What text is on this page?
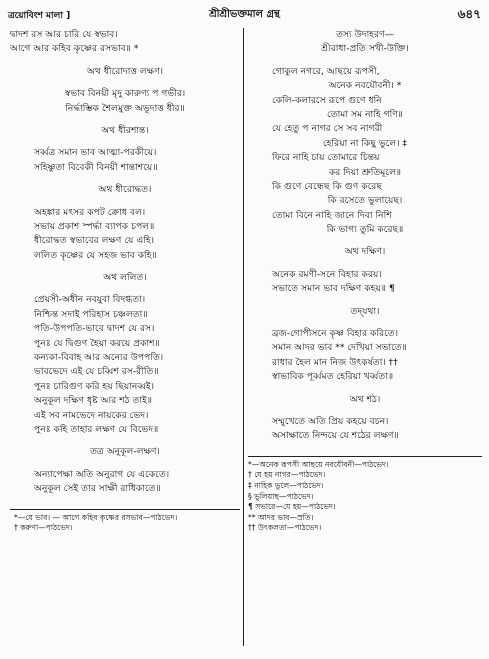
ত্রয়োবিংশ মালা ]	শ্রীশ্রীভক্তমাল গ্রন্থ	৬৪৭
দ্বাদশ রস আর চারি যে স্বভাব।
আগে আর কহিব কৃষ্ণের রসভাব॥ *
অথ ধীরোদাত্ত লক্ষণ।
স্বভাব বিনয়ী মৃদু কারুণ্য প গভীর।
নিৰ্দ্ধাম্ভিক শৈলমুক্ত অভূদাত্ত ধীর॥
অথ ধীরশান্ত।
সৰ্ব্বত্র সমান ভাব আত্মা-পরকীয়ে।
সহিষ্ণুতা বিবেকী বিনয়ী শান্তাশয়ে॥
অথ ধীরোদ্ধত।
অহঙ্কার মৎসর কপট ক্রোধ বল।
সভায় প্রকাশ স্পৰ্দ্ধা ব্যাপক চপল॥
ধীরোদ্ধত স্বভাবের লক্ষণ যে এহি।
ললিত কৃষ্ণের যে সহজ ভাব কহি॥
অথ ললিত।
প্রেয়সী-অধীন নবযুবা বিদগ্ধতা।
নিশ্চিন্ত সদাই পরিহাস চঞ্চলতা॥
পতি-উপপতি-ভাবে দ্বাদশ যে রস।
পুনঃ যে দ্বিগুণ হৈয়া করয়ে প্রকাশ॥
কন্যকা-বিবাহ আর অন্যের উপপতি।
ভাবভেদে এই যে চব্বিশ রস-রীতি॥
পুনঃ চারিগুণ করি হয় ছিয়ানব্বই।
অনুকূল দক্ষিণ ধৃষ্ট আর শঠ তাই॥
এই সব নামভেদে নায়কের ভেদ।
পুনঃ কহি তাহার লক্ষণ যে বিভেদ॥
তত্র অনুকূল-লক্ষণ।
অন্যাপেক্ষা অতি অনুরাগ যে একেতে।
অনুকূল সেই তার সাক্ষী রাধিকাতে॥
*—যে ভাব। — আগে কহিব কৃষ্ণের রসভাব—পাঠভেদ।
† করুণা—পাঠভেদ।
তস্য উদাহরণ—
শ্রীরাধা-প্রতি সখী-উক্তি।
গোকুল নগরে, আছয়ে রূপসী,
অনেক নবযৌবনী। *
কেলি-কলারসে রূপে গুণে ধনি
তোমা সম নাহি গণি॥
যে হেতু প নাগর সে সব নাগরী
হেরিয়া না কিছু ভুলে। ‡
ফিরে নাহি চায় তোমারে চিন্তয়
কর দিয়া শ্রুতিমূলে॥
কি গুণে বেন্ধেছ কি গুণ করেছ
কি রসেতে ভুলায়েছ।
তোমা বিনে নাহি জানে দিবা নিশি
কি ভাগ্য তুমি করেছ॥
অথ দক্ষিণ।
অনেক রমণী-সনে বিহার করয়।
সভাতে সমান ভাব দক্ষিণ কহয়॥ ¶
তদ্‌যথা।
ব্রজ-গোপীসনে কৃষ্ণ বিহার করিতে।
সমান আদর ভাব ** দেখিয়া সভাতে॥
রাধার হৈল মান নিজ উৎকর্ষতা। ††
স্বাভাবিক পূর্ব্বমত হেরিয়া খৰ্ব্বতা॥
অথ শঠ।
সম্মুখেতে অতি প্রিয় কহয়ে বচন।
অসাক্ষাতে নিন্দয়ে যে শঠের লক্ষণ॥
*—অনেক রূপসী আছয়ে নবযৌবনী—পাঠভেদ।
† যে হয় নাগর—পাঠভেদ।
‡ নাহিক ভুলে—পাঠভেদ।
§ ভুলিয়াছ—পাঠভেদ।
¶ সভারে—যে হয়—পাঠভেদ।
** আদর ভাব—স্রতি।
†† উৎকলতা—পাঠভেদ।
